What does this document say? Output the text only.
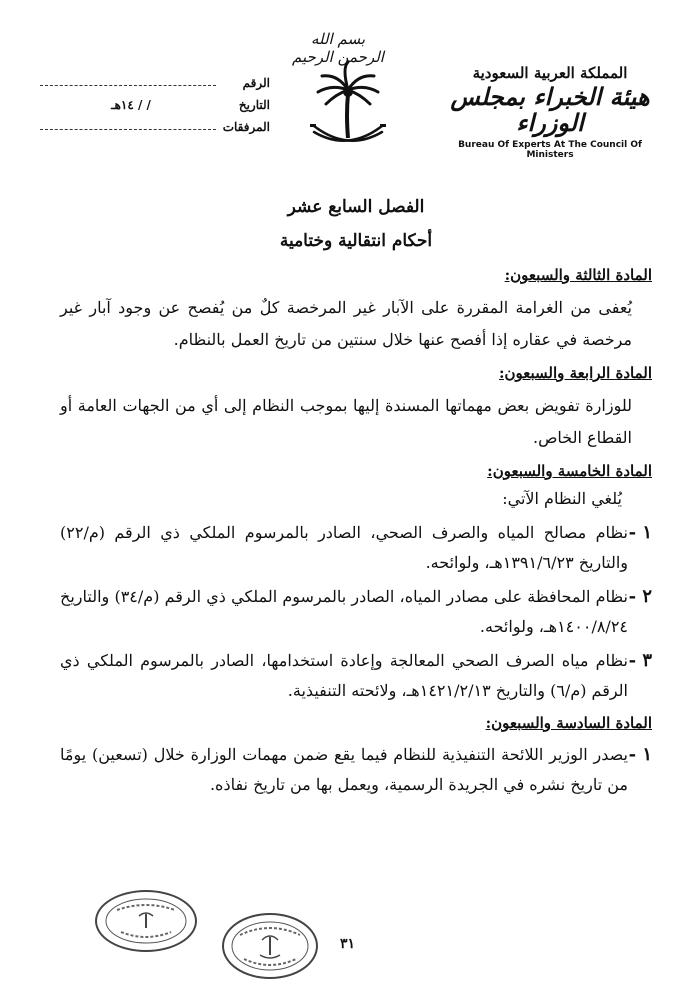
بسم الله الرحمن الرحيم
المملكة العربية السعودية
هيئة الخبراء بمجلس الوزراء
Bureau Of Experts At The Council Of Ministers
الرقم
التاريخ
/ / ١٤هـ
المرفقات
الفصل السابع عشر
أحكام انتقالية وختامية
المادة الثالثة والسبعون:
يُعفى من الغرامة المقررة على الآبار غير المرخصة كلٌ من يُفصح عن وجود آبار غير مرخصة في عقاره إذا أفصح عنها خلال سنتين من تاريخ العمل بالنظام.
المادة الرابعة والسبعون:
للوزارة تفويض بعض مهماتها المسندة إليها بموجب النظام إلى أي من الجهات العامة أو القطاع الخاص.
المادة الخامسة والسبعون:
يُلغي النظام الآتي:
١ -
نظام مصالح المياه والصرف الصحي، الصادر بالمرسوم الملكي ذي الرقم (م/٢٢) والتاريخ ١٣٩١/٦/٢٣هـ، ولوائحه.
٢ -
نظام المحافظة على مصادر المياه، الصادر بالمرسوم الملكي ذي الرقم (م/٣٤) والتاريخ ١٤٠٠/٨/٢٤هـ، ولوائحه.
٣ -
نظام مياه الصرف الصحي المعالجة وإعادة استخدامها، الصادر بالمرسوم الملكي ذي الرقم (م/٦) والتاريخ ١٤٢١/٢/١٣هـ، ولائحته التنفيذية.
المادة السادسة والسبعون:
١ -
يصدر الوزير اللائحة التنفيذية للنظام فيما يقع ضمن مهمات الوزارة خلال (تسعين) يومًا من تاريخ نشره في الجريدة الرسمية، ويعمل بها من تاريخ نفاذه.
٣١
